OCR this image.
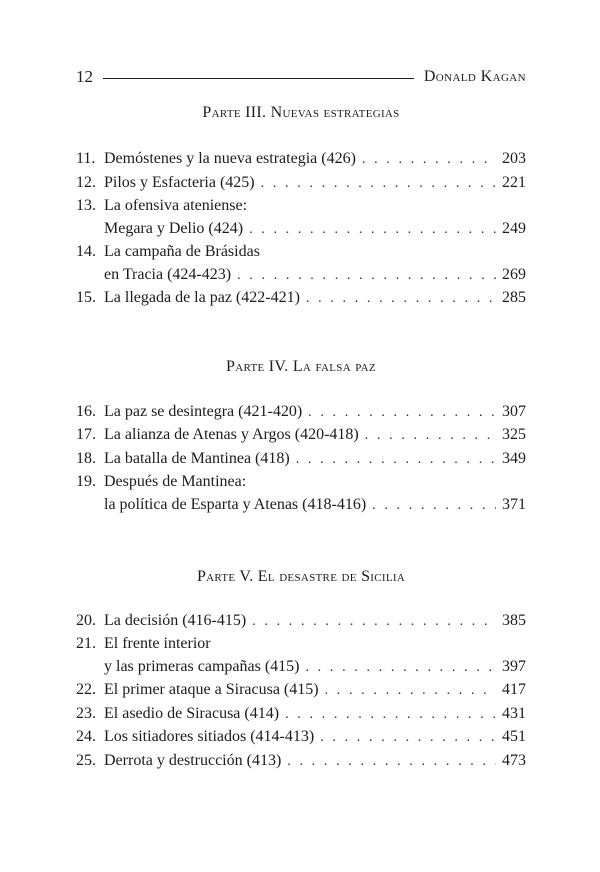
12	Donald Kagan
Parte III. Nuevas estrategias
11. Demóstenes y la nueva estrategia (426) . . .	203
12. Pilos y Esfacteria (425) . . .	221
13. La ofensiva ateniense:
Megara y Delio (424) . . .	249
14. La campaña de Brásidas
en Tracia (424-423) . . .	269
15. La llegada de la paz (422-421) . . .	285
Parte IV. La falsa paz
16. La paz se desintegra (421-420) . . .	307
17. La alianza de Atenas y Argos (420-418) . . .	325
18. La batalla de Mantinea (418) . . .	349
19. Después de Mantinea:
la política de Esparta y Atenas (418-416) . . .	371
Parte V. El desastre de Sicilia
20. La decisión (416-415) . . .	385
21. El frente interior
y las primeras campañas (415) . . .	397
22. El primer ataque a Siracusa (415) . . .	417
23. El asedio de Siracusa (414) . . .	431
24. Los sitiadores sitiados (414-413) . . .	451
25. Derrota y destrucción (413) . . .	473
